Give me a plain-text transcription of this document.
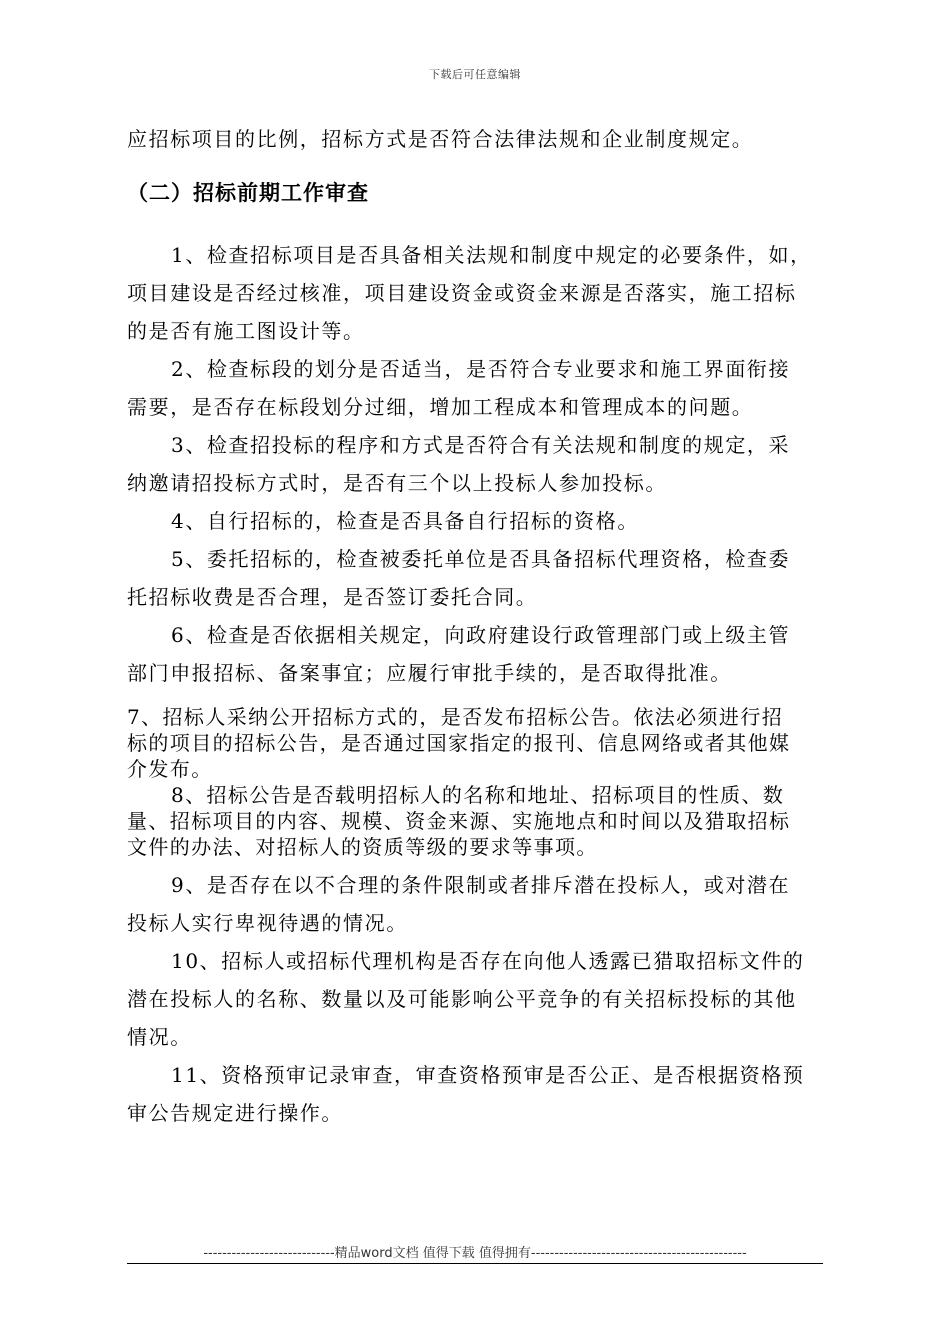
下载后可任意编辑
应招标项目的比例，招标方式是否符合法律法规和企业制度规定。
（二）招标前期工作审查
1、检查招标项目是否具备相关法规和制度中规定的必要条件，如，
项目建设是否经过核准，项目建设资金或资金来源是否落实，施工招标
的是否有施工图设计等。
2、检查标段的划分是否适当，是否符合专业要求和施工界面衔接
需要，是否存在标段划分过细，增加工程成本和管理成本的问题。
3、检查招投标的程序和方式是否符合有关法规和制度的规定，采
纳邀请招投标方式时，是否有三个以上投标人参加投标。
4、自行招标的，检查是否具备自行招标的资格。
5、委托招标的，检查被委托单位是否具备招标代理资格，检查委
托招标收费是否合理，是否签订委托合同。
6、检查是否依据相关规定，向政府建设行政管理部门或上级主管
部门申报招标、备案事宜；应履行审批手续的，是否取得批准。
7、招标人采纳公开招标方式的，是否发布招标公告。依法必须进行招
标的项目的招标公告，是否通过国家指定的报刊、信息网络或者其他媒
介发布。
8、招标公告是否载明招标人的名称和地址、招标项目的性质、数
量、招标项目的内容、规模、资金来源、实施地点和时间以及猎取招标
文件的办法、对招标人的资质等级的要求等事项。
9、是否存在以不合理的条件限制或者排斥潜在投标人，或对潜在
投标人实行卑视待遇的情况。
10、招标人或招标代理机构是否存在向他人透露已猎取招标文件的
潜在投标人的名称、数量以及可能影响公平竞争的有关招标投标的其他
情况。
11、资格预审记录审查，审查资格预审是否公正、是否根据资格预
审公告规定进行操作。
----------------------------精品word文档 值得下载 值得拥有----------------------------------------------
